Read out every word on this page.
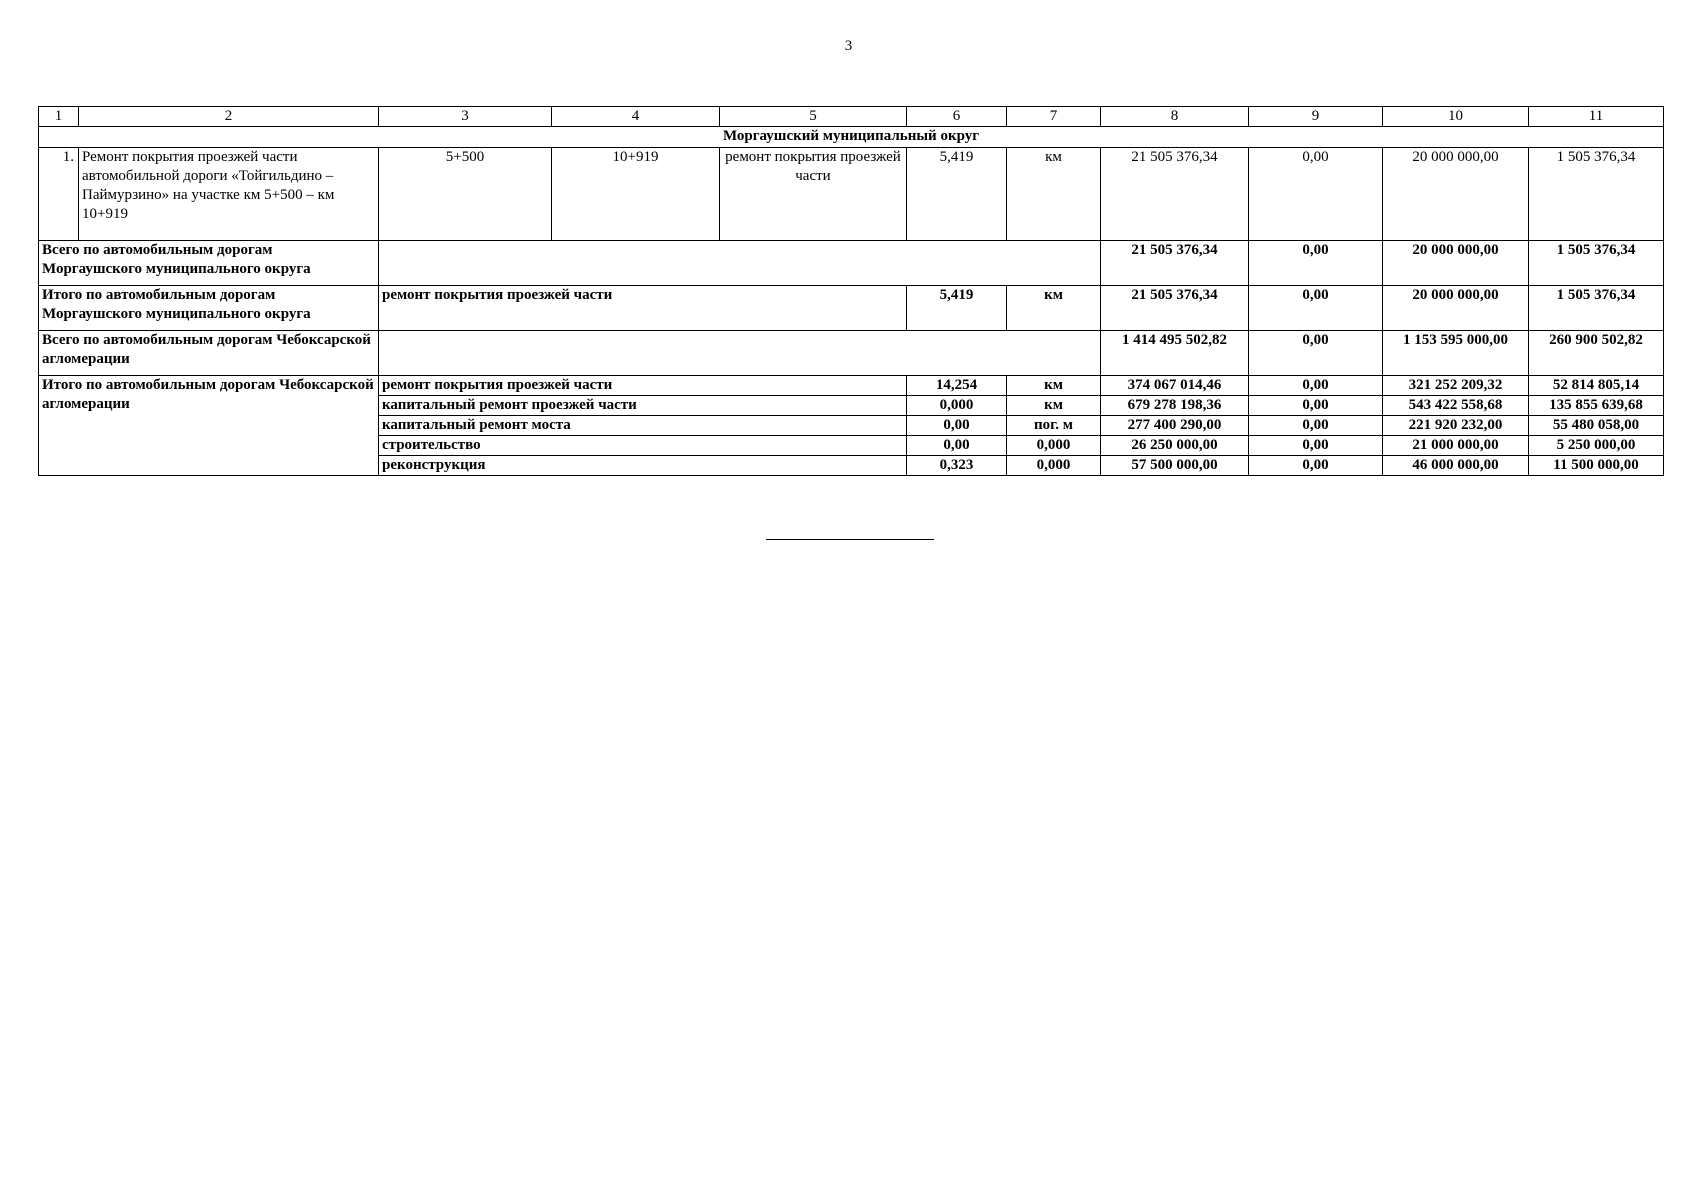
3
1	2	3	4	5	6	7	8	9	10	11
Моргаушский муниципальный округ										
1.	Ремонт покрытия проезжей части автомобильной дороги «Тойгильдино – Паймурзино» на участке км 5+500 – км 10+919	5+500	10+919	ремонт покрытия проезжей части	5,419	км	21 505 376,34	0,00	20 000 000,00	1 505 376,34
Всего по автомобильным дорогам Моргаушского муниципального округа							21 505 376,34	0,00	20 000 000,00	1 505 376,34
Итого по автомобильным дорогам Моргаушского муниципального округа		ремонт покрытия проезжей части			5,419	км	21 505 376,34	0,00	20 000 000,00	1 505 376,34
Всего по автомобильным дорогам Чебоксарской агломерации							1 414 495 502,82	0,00	1 153 595 000,00	260 900 502,82
Итого по автомобильным дорогам Чебоксарской агломерации		ремонт покрытия проезжей части			14,254	км	374 067 014,46	0,00	321 252 209,32	52 814 805,14
		капитальный ремонт проезжей части			0,000	км	679 278 198,36	0,00	543 422 558,68	135 855 639,68
		капитальный ремонт моста			0,00	пог. м	277 400 290,00	0,00	221 920 232,00	55 480 058,00
		строительство			0,00	0,000	26 250 000,00	0,00	21 000 000,00	5 250 000,00
		реконструкция			0,323	0,000	57 500 000,00	0,00	46 000 000,00	11 500 000,00
